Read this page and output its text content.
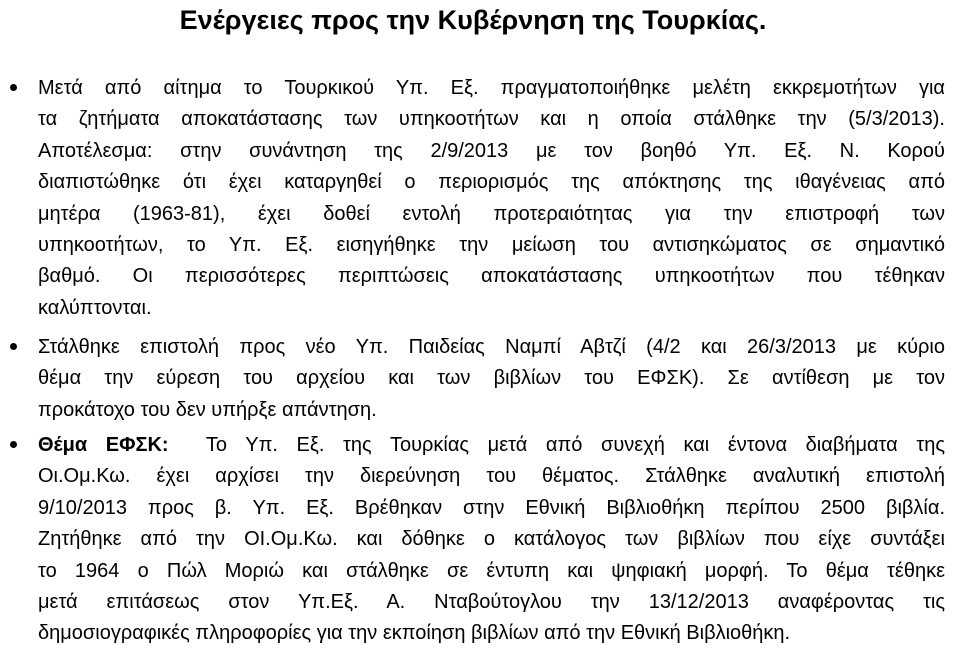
Ενέργειες προς την Κυβέρνηση της Τουρκίας.
Μετά από αίτημα το Τουρκικού Υπ. Εξ. πραγματοποιήθηκε μελέτη εκκρεμοτήτων για
τα ζητήματα αποκατάστασης των υπηκοοτήτων και η οποία στάλθηκε την (5/3/2013).
Αποτέλεσμα: στην συνάντηση της 2/9/2013 με τον βοηθό Υπ. Εξ. Ν. Κορού
διαπιστώθηκε ότι έχει καταργηθεί ο περιορισμός της απόκτησης της ιθαγένειας από
μητέρα (1963-81), έχει δοθεί εντολή προτεραιότητας για την επιστροφή των
υπηκοοτήτων, το Υπ. Εξ. εισηγήθηκε την μείωση του αντισηκώματος σε σημαντικό
βαθμό. Οι περισσότερες περιπτώσεις αποκατάστασης υπηκοοτήτων που τέθηκαν
καλύπτονται.
Στάλθηκε επιστολή προς νέο Υπ. Παιδείας Ναμπί Αβτζί (4/2 και 26/3/2013 με κύριο
θέμα την εύρεση του αρχείου και των βιβλίων του ΕΦΣΚ). Σε αντίθεση με τον
προκάτοχο του δεν υπήρξε απάντηση.
Θέμα ΕΦΣΚ: Το Υπ. Εξ. της Τουρκίας μετά από συνεχή και έντονα διαβήματα της
Οι.Ομ.Κω. έχει αρχίσει την διερεύνηση του θέματος. Στάλθηκε αναλυτική επιστολή
9/10/2013 προς β. Υπ. Εξ. Βρέθηκαν στην Εθνική Βιβλιοθήκη περίπου 2500 βιβλία.
Ζητήθηκε από την ΟΙ.Ομ.Κω. και δόθηκε ο κατάλογος των βιβλίων που είχε συντάξει
το 1964 ο Πώλ Μοριώ και στάλθηκε σε έντυπη και ψηφιακή μορφή. Το θέμα τέθηκε
μετά επιτάσεως στον Υπ.Εξ. Α. Νταβούτογλου την 13/12/2013 αναφέροντας τις
δημοσιογραφικές πληροφορίες για την εκποίηση βιβλίων από την Εθνική Βιβλιοθήκη.
